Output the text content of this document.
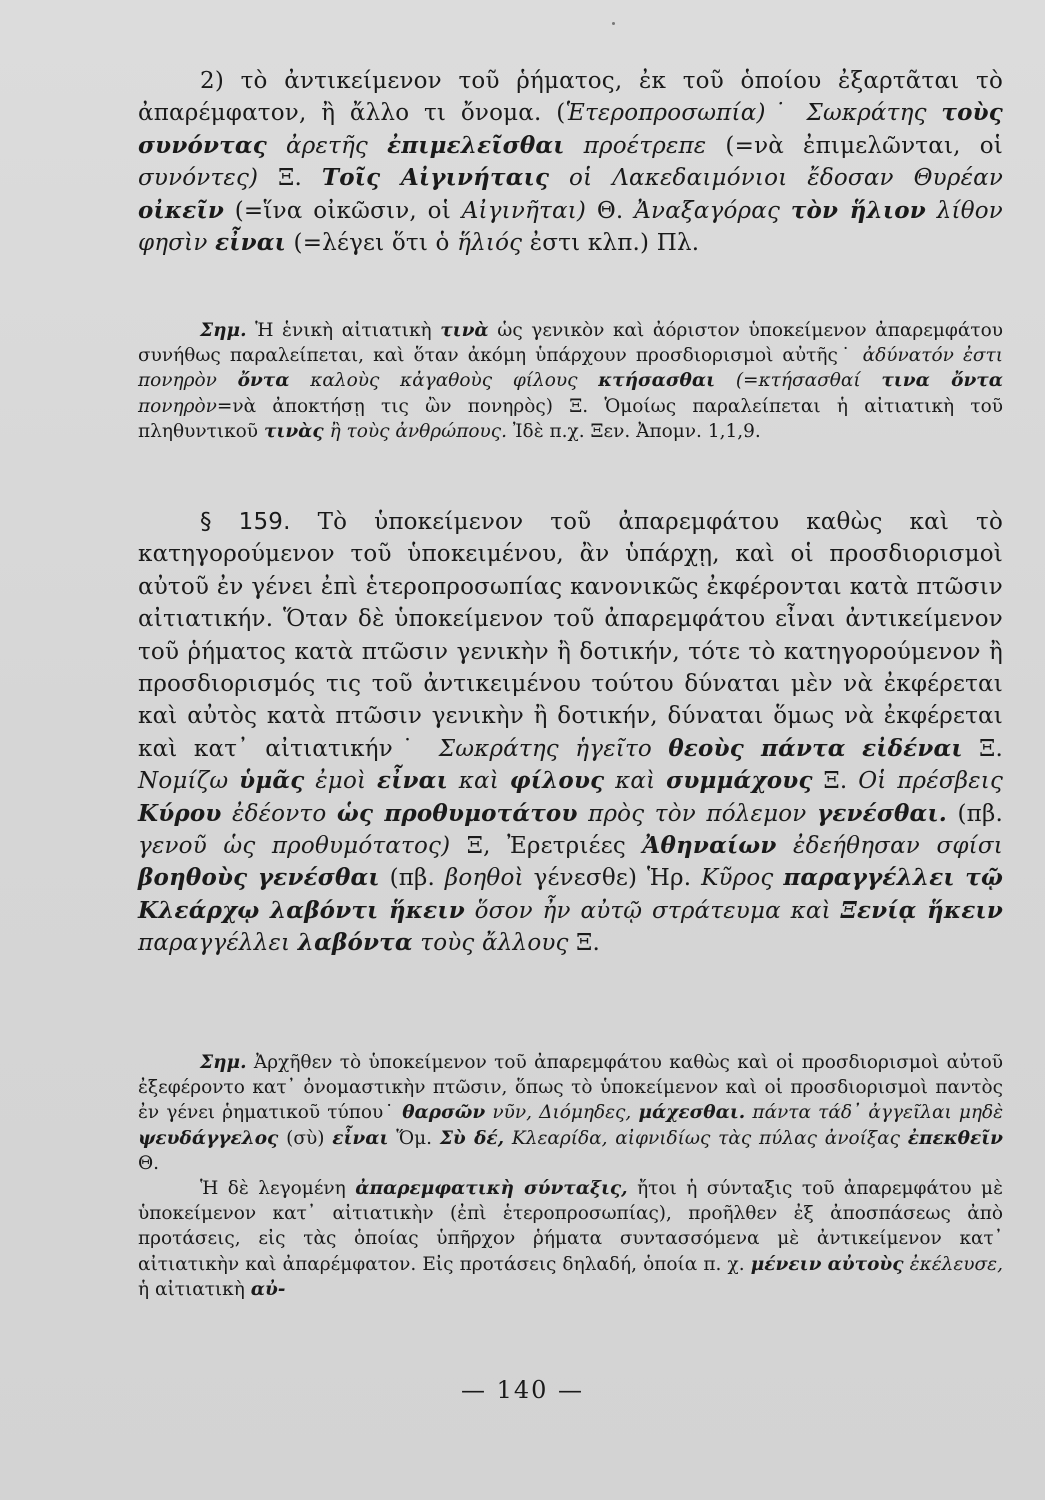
2) τὸ ἀντικείμενον τοῦ ῥήματος, ἐκ τοῦ ὁποίου ἐξαρτᾶται τὸ ἀπαρέμφατον, ἢ ἄλλο τι ὄνομα. (Ἑτεροπροσωπία)˙ Σωκράτης τοὺς συνόντας ἀρετῆς ἐπιμελεῖσθαι προέτρεπε (=νὰ ἐπιμελῶνται, οἱ συνόντες) Ξ. Τοῖς Αἰγινήταις οἱ Λακεδαιμόνιοι ἔδοσαν Θυρέαν οἰκεῖν (=ἵνα οἰκῶσιν, οἱ Αἰγινῆται) Θ. Ἀναξαγόρας τὸν ἥλιον λίθον φησὶν εἶναι (=λέγει ὅτι ὁ ἥλιός ἐστι κλπ.) Πλ.

Σημ. Ἡ ἑνικὴ αἰτιατικὴ τινὰ ὡς γενικὸν καὶ ἀόριστον ὑποκείμενον ἀπαρεμφάτου συνήθως παραλείπεται, καὶ ὅταν ἀκόμη ὑπάρχουν προσδιορισμοὶ αὐτῆς˙ ἀδύνατόν ἐστι πονηρὸν ὄντα καλοὺς κἀγαθοὺς φίλους κτήσασθαι (=κτήσασθαί τινα ὄντα πονηρὸν=νὰ ἀποκτήσῃ τις ὢν πονηρὸς) Ξ. Ὁμοίως παραλείπεται ἡ αἰτιατικὴ τοῦ πληθυντικοῦ τινὰς ἢ τοὺς ἀνθρώπους. Ἰδὲ π.χ. Ξεν. Ἀπομν. 1,1,9.

§ 159. Τὸ ὑποκείμενον τοῦ ἀπαρεμφάτου καθὼς καὶ τὸ κατηγορούμενον τοῦ ὑποκειμένου, ἂν ὑπάρχῃ, καὶ οἱ προσδιορισμοὶ αὐτοῦ ἐν γένει ἐπὶ ἑτεροπροσωπίας κανονικῶς ἐκφέρονται κατὰ πτῶσιν αἰτιατικήν. Ὅταν δὲ ὑποκείμενον τοῦ ἀπαρεμφάτου εἶναι ἀντικείμενον τοῦ ῥήματος κατὰ πτῶσιν γενικὴν ἢ δοτικήν, τότε τὸ κατηγορούμενον ἢ προσδιορισμός τις τοῦ ἀντικειμένου τούτου δύναται μὲν νὰ ἐκφέρεται καὶ αὐτὸς κατὰ πτῶσιν γενικὴν ἢ δοτικήν, δύναται ὅμως νὰ ἐκφέρεται καὶ κατ᾽ αἰτιατικήν˙ Σωκράτης ἡγεῖτο θεοὺς πάντα εἰδέναι Ξ. Νομίζω ὑμᾶς ἐμοὶ εἶναι καὶ φίλους καὶ συμμάχους Ξ. Οἱ πρέσβεις Κύρου ἐδέοντο ὡς προθυμοτάτου πρὸς τὸν πόλεμον γενέσθαι. (πβ. γενοῦ ὡς προθυμότατος) Ξ, Ἐρετριέες Ἀθηναίων ἐδεήθησαν σφίσι βοηθοὺς γενέσθαι (πβ. βοηθοὶ γένεσθε) Ἡρ. Κῦρος παραγγέλλει τῷ Κλεάρχῳ λαβόντι ἥκειν ὅσον ἦν αὐτῷ στράτευμα καὶ Ξενίᾳ ἥκειν παραγγέλλει λαβόντα τοὺς ἄλλους Ξ.

Σημ. Ἀρχῆθεν τὸ ὑποκείμενον τοῦ ἀπαρεμφάτου καθὼς καὶ οἱ προσδιορισμοὶ αὐτοῦ ἐξεφέροντο κατ᾽ ὀνομαστικὴν πτῶσιν, ὅπως τὸ ὑποκείμενον καὶ οἱ προσδιορισμοὶ παντὸς ἐν γένει ῥηματικοῦ τύπου˙ θαρσῶν νῦν, Διόμηδες, μάχεσθαι. πάντα τάδ᾽ ἀγγεῖλαι μηδὲ ψευδάγγελος (σὺ) εἶναι Ὅμ. Σὺ δέ, Κλεαρίδα, αἰφνιδίως τὰς πύλας ἀνοίξας ἐπεκθεῖν Θ.

Ἡ δὲ λεγομένη ἀπαρεμφατικὴ σύνταξις, ἤτοι ἡ σύνταξις τοῦ ἀπαρεμφάτου μὲ ὑποκείμενον κατ᾽ αἰτιατικὴν (ἐπὶ ἑτεροπροσωπίας), προῆλθεν ἐξ ἀποσπάσεως ἀπὸ προτάσεις, εἰς τὰς ὁποίας ὑπῆρχον ῥήματα συντασσόμενα μὲ ἀντικείμενον κατ᾽ αἰτιατικὴν καὶ ἀπαρέμφατον. Εἰς προτάσεις δηλαδή, ὁποία π. χ. μένειν αὐτοὺς ἐκέλευσε, ἡ αἰτιατικὴ αὐ-

— 140 —
